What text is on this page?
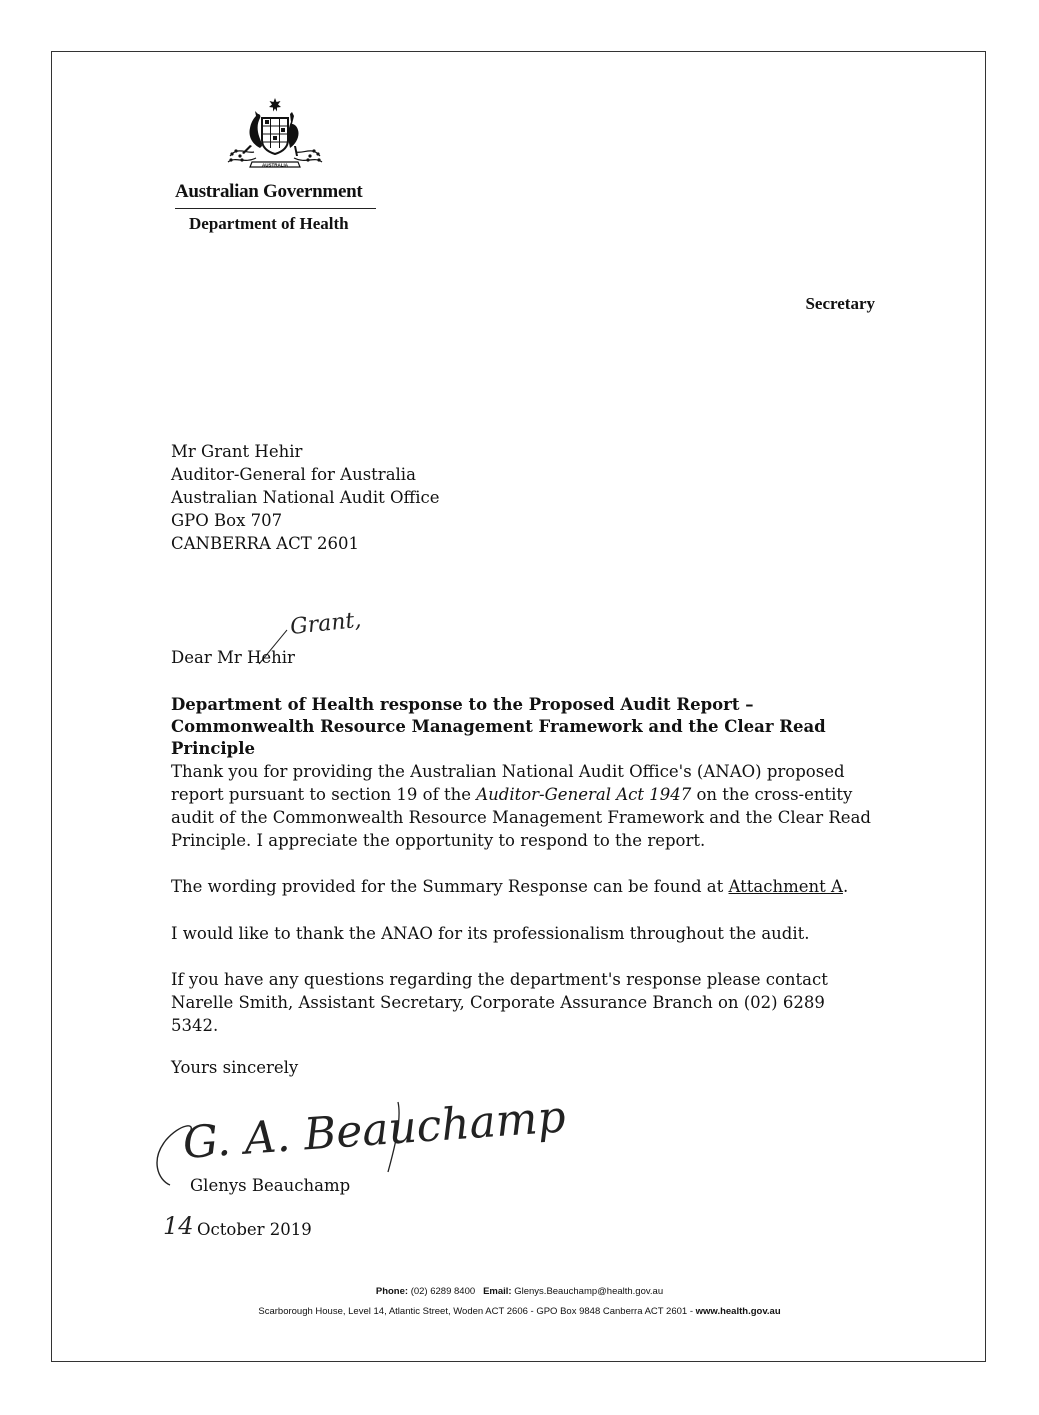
AUSTRALIA
Australian Government
Department of Health
Secretary
Mr Grant Hehir
Auditor-General for Australia
Australian National Audit Office
GPO Box 707
CANBERRA ACT 2601
Grant,
Dear Mr Hehir
Department of Health response to the Proposed Audit Report – Commonwealth Resource Management Framework and the Clear Read Principle
Thank you for providing the Australian National Audit Office's (ANAO) proposed report pursuant to section 19 of the Auditor-General Act 1947 on the cross-entity audit of the Commonwealth Resource Management Framework and the Clear Read Principle. I appreciate the opportunity to respond to the report.
The wording provided for the Summary Response can be found at Attachment A.
I would like to thank the ANAO for its professionalism throughout the audit.
If you have any questions regarding the department's response please contact Narelle Smith, Assistant Secretary, Corporate Assurance Branch on (02) 6289 5342.
Yours sincerely
G. A. Beauchamp
Glenys Beauchamp
14 October 2019
Phone: (02) 6289 8400 Email: Glenys.Beauchamp@health.gov.au
Scarborough House, Level 14, Atlantic Street, Woden ACT 2606 - GPO Box 9848 Canberra ACT 2601 - www.health.gov.au
